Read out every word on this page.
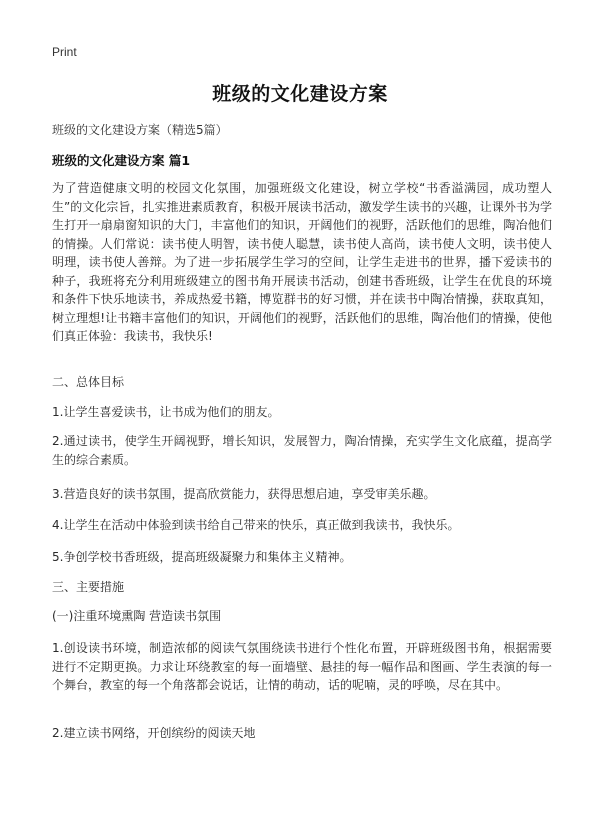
Print
班级的文化建设方案
班级的文化建设方案（精选5篇）
班级的文化建设方案 篇1

为了营造健康文明的校园文化氛围，加强班级文化建设，树立学校“书香溢满园，成功塑人生”的文化宗旨，扎实推进素质教育，积极开展读书活动，激发学生读书的兴趣，让课外书为学生打开一扇扇窗知识的大门，丰富他们的知识，开阔他们的视野，活跃他们的思维，陶冶他们的情操。人们常说：读书使人明智，读书使人聪慧，读书使人高尚，读书使人文明，读书使人明理，读书使人善辩。为了进一步拓展学生学习的空间，让学生走进书的世界，播下爱读书的种子，我班将充分利用班级建立的图书角开展读书活动，创建书香班级，让学生在优良的环境和条件下快乐地读书，养成热爱书籍，博览群书的好习惯，并在读书中陶冶情操，获取真知，树立理想!让书籍丰富他们的知识，开阔他们的视野，活跃他们的思维，陶冶他们的情操，使他们真正体验：我读书，我快乐!

二、总体目标

1.让学生喜爱读书，让书成为他们的朋友。

2.通过读书，使学生开阔视野，增长知识，发展智力，陶冶情操，充实学生文化底蕴，提高学生的综合素质。

3.营造良好的读书氛围，提高欣赏能力，获得思想启迪，享受审美乐趣。

4.让学生在活动中体验到读书给自己带来的快乐，真正做到我读书，我快乐。

5.争创学校书香班级，提高班级凝聚力和集体主义精神。

三、主要措施

(一)注重环境熏陶 营造读书氛围

1.创设读书环境，制造浓郁的阅读气氛围绕读书进行个性化布置，开辟班级图书角，根据需要进行不定期更换。力求让环绕教室的每一面墙壁、悬挂的每一幅作品和图画、学生表演的每一个舞台，教室的每一个角落都会说话，让情的萌动，话的呢喃，灵的呼唤，尽在其中。

2.建立读书网络，开创缤纷的阅读天地
